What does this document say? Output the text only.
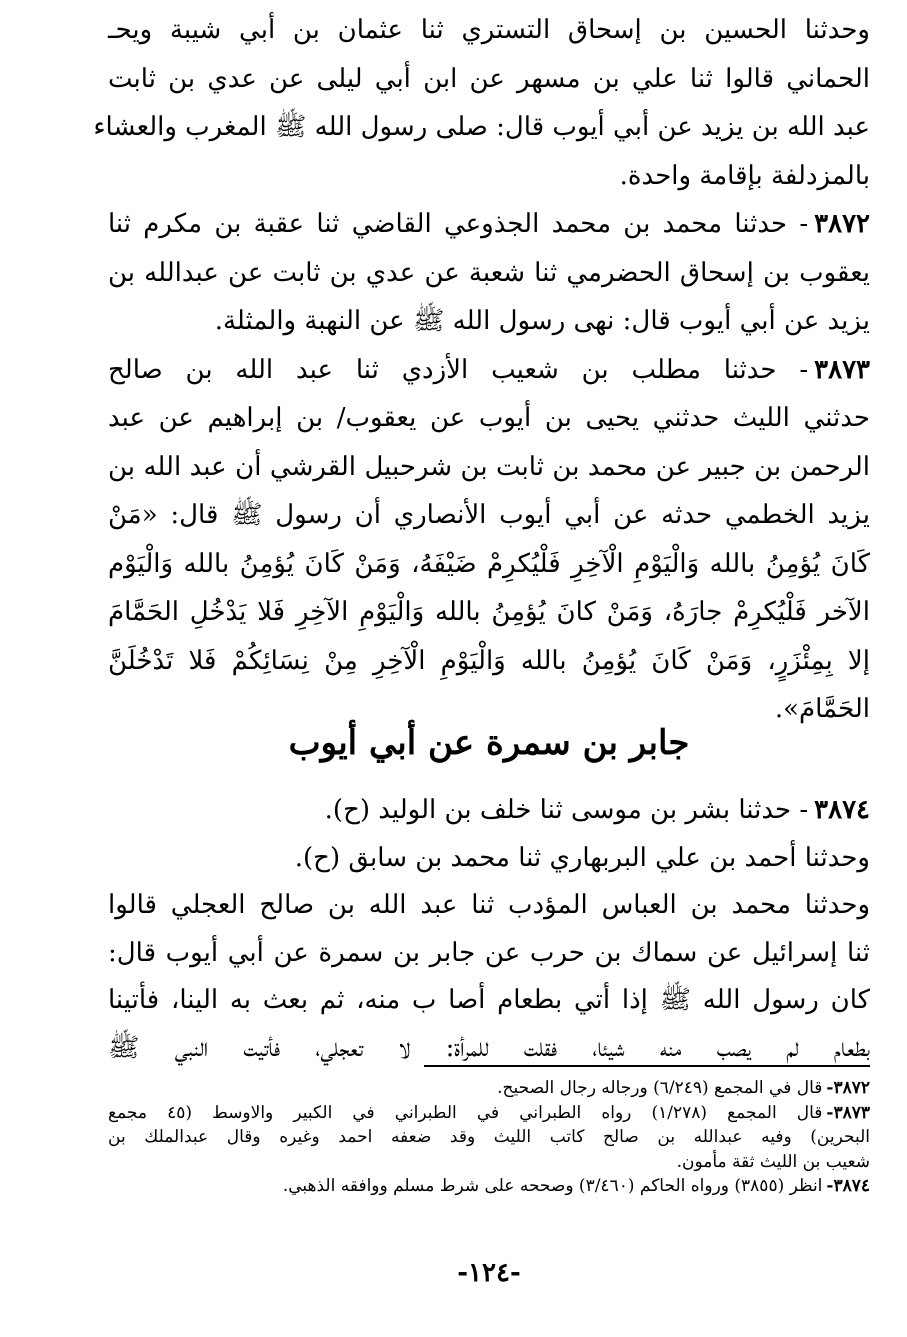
وحدثنا الحسين بن إسحاق التستري ثنا عثمان بن أبي شيبة ويحـ
الحماني قالوا ثنا علي بن مسهر عن ابن أبي ليلى عن عدي بن ثابت
عبد الله بن يزيد عن أبي أيوب قال: صلى رسول الله ﷺ المغرب والعشاء
بالمزدلفة بإقامة واحدة.
٣٨٧٢- حدثنا محمد بن محمد الجذوعي القاضي ثنا عقبة بن مكرم ثنا
يعقوب بن إسحاق الحضرمي ثنا شعبة عن عدي بن ثابت عن عبدالله بن
يزيد عن أبي أيوب قال: نهى رسول الله ﷺ عن النهبة والمثلة.
٣٨٧٣- حدثنا مطلب بن شعيب الأزدي ثنا عبد الله بن صالح
حدثني الليث حدثني يحيى بن أيوب عن يعقوب/ بن إبراهيم عن عبد
الرحمن بن جبير عن محمد بن ثابت بن شرحبيل القرشي أن عبد الله بن
يزيد الخطمي حدثه عن أبي أيوب الأنصاري أن رسول ﷺ قال: «مَنْ
كَانَ يُؤمِنُ بالله وَالْيَوْمِ الْآخِرِ فَلْيُكرِمْ ضَيْفَهُ، وَمَنْ كَانَ يُؤمِنُ بالله وَالْيَوْم
الآخر فَلْيُكرِمْ جارَهُ، وَمَنْ كانَ يُؤمِنُ بالله وَالْيَوْمِ الآخِرِ فَلا يَدْخُلِ الحَمَّامَ
إلا بِمِئْزَرٍ، وَمَنْ كَانَ يُؤمِنُ بالله وَالْيَوْمِ الْآخِرِ مِنْ نِسَائِكُمْ فَلا تَدْخُلَنَّ
الحَمَّامَ».
جابر بن سمرة عن أبي أيوب
٣٨٧٤- حدثنا بشر بن موسى ثنا خلف بن الوليد (ح).
وحدثنا أحمد بن علي البربهاري ثنا محمد بن سابق (ح).
وحدثنا محمد بن العباس المؤدب ثنا عبد الله بن صالح العجلي قالوا
ثنا إسرائيل عن سماك بن حرب عن جابر بن سمرة عن أبي أيوب قال:
كان رسول الله ﷺ إذا أتي بطعام أصا ب منه، ثم بعث به الينا، فأتينا
بطعام لم يصب منه شيئا، فقلت للمرأة: لا تعجلي، فأتيت النبي ﷺ
٣٨٧٢-قال في المجمع (٦/٢٤٩) ورجاله رجال الصحيح.
٣٨٧٣-قال المجمع (١/٢٧٨) رواه الطبراني في الطبراني في الكبير والاوسط (٤٥ مجمع
البحرين) وفيه عبدالله بن صالح كاتب الليث وقد ضعفه احمد وغيره وقال عبدالملك بن
شعيب بن الليث ثقة مأمون.
٣٨٧٤-انظر (٣٨٥٥) ورواه الحاكم (٣/٤٦٠) وصححه على شرط مسلم ووافقه الذهبي.
-١٢٤-
